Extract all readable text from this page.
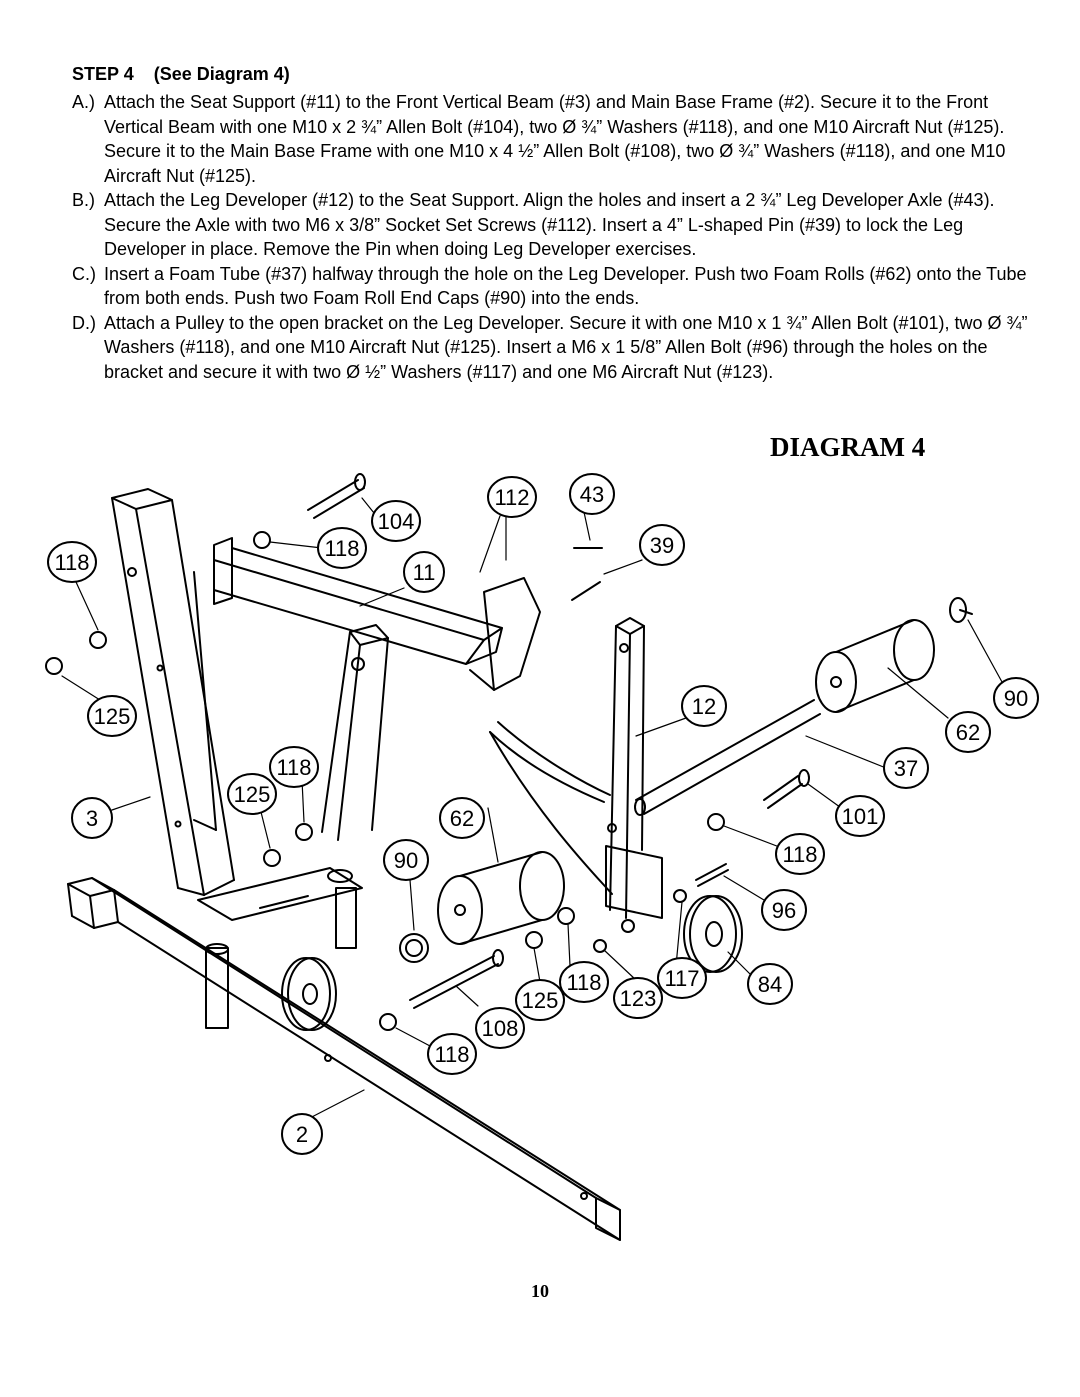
STEP 4    (See Diagram 4)
A.) Attach the Seat Support (#11) to the Front Vertical Beam (#3) and Main Base Frame (#2). Secure it to the Front Vertical Beam with one M10 x 2 ¾” Allen Bolt (#104), two Ø ¾” Washers (#118), and one M10 Aircraft Nut (#125). Secure it to the Main Base Frame with one M10 x 4 ½” Allen Bolt (#108), two Ø ¾” Washers (#118), and one M10 Aircraft Nut (#125).
B.) Attach the Leg Developer (#12) to the Seat Support. Align the holes and insert a 2 ¾” Leg Developer Axle (#43). Secure the Axle with two M6 x 3/8” Socket Set Screws (#112). Insert a 4” L-shaped Pin (#39) to lock the Leg Developer in place. Remove the Pin when doing Leg Developer exercises.
C.) Insert a Foam Tube (#37) halfway through the hole on the Leg Developer. Push two Foam Rolls (#62) onto the Tube from both ends. Push two Foam Roll End Caps (#90) into the ends.
D.) Attach a Pulley to the open bracket on the Leg Developer. Secure it with one M10 x 1 ¾” Allen Bolt (#101), two Ø ¾” Washers (#118), and one M10 Aircraft Nut (#125). Insert a M6 x 1 5/8” Allen Bolt (#96) through the holes on the bracket and secure it with two Ø ½” Washers (#117) and one M6 Aircraft Nut (#123).
DIAGRAM 4
118
125
3
104
118
11
118
125
112 43
39
12	90
62
37
101
118
96
62
90
84
117
123
118
125
108
118
2
10
